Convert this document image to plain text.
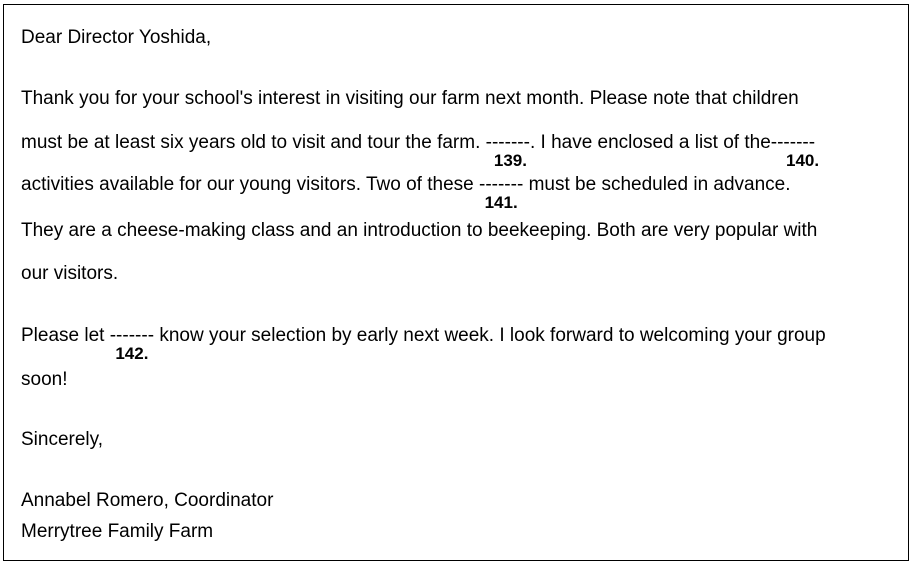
Dear Director Yoshida,
Thank you for your school's interest in visiting our farm next month. Please note that children
must be at least six years old to visit and tour the farm. -------.
139.
I have enclosed a list of the-------
140.
activities available for our young visitors. Two of these -------
141.
must be scheduled in advance.
They are a cheese-making class and an introduction to beekeeping. Both are very popular with
our visitors.
Please let -------
142.
know your selection by early next week. I look forward to welcoming your group
soon!
Sincerely,
Annabel Romero, Coordinator
Merrytree Family Farm
